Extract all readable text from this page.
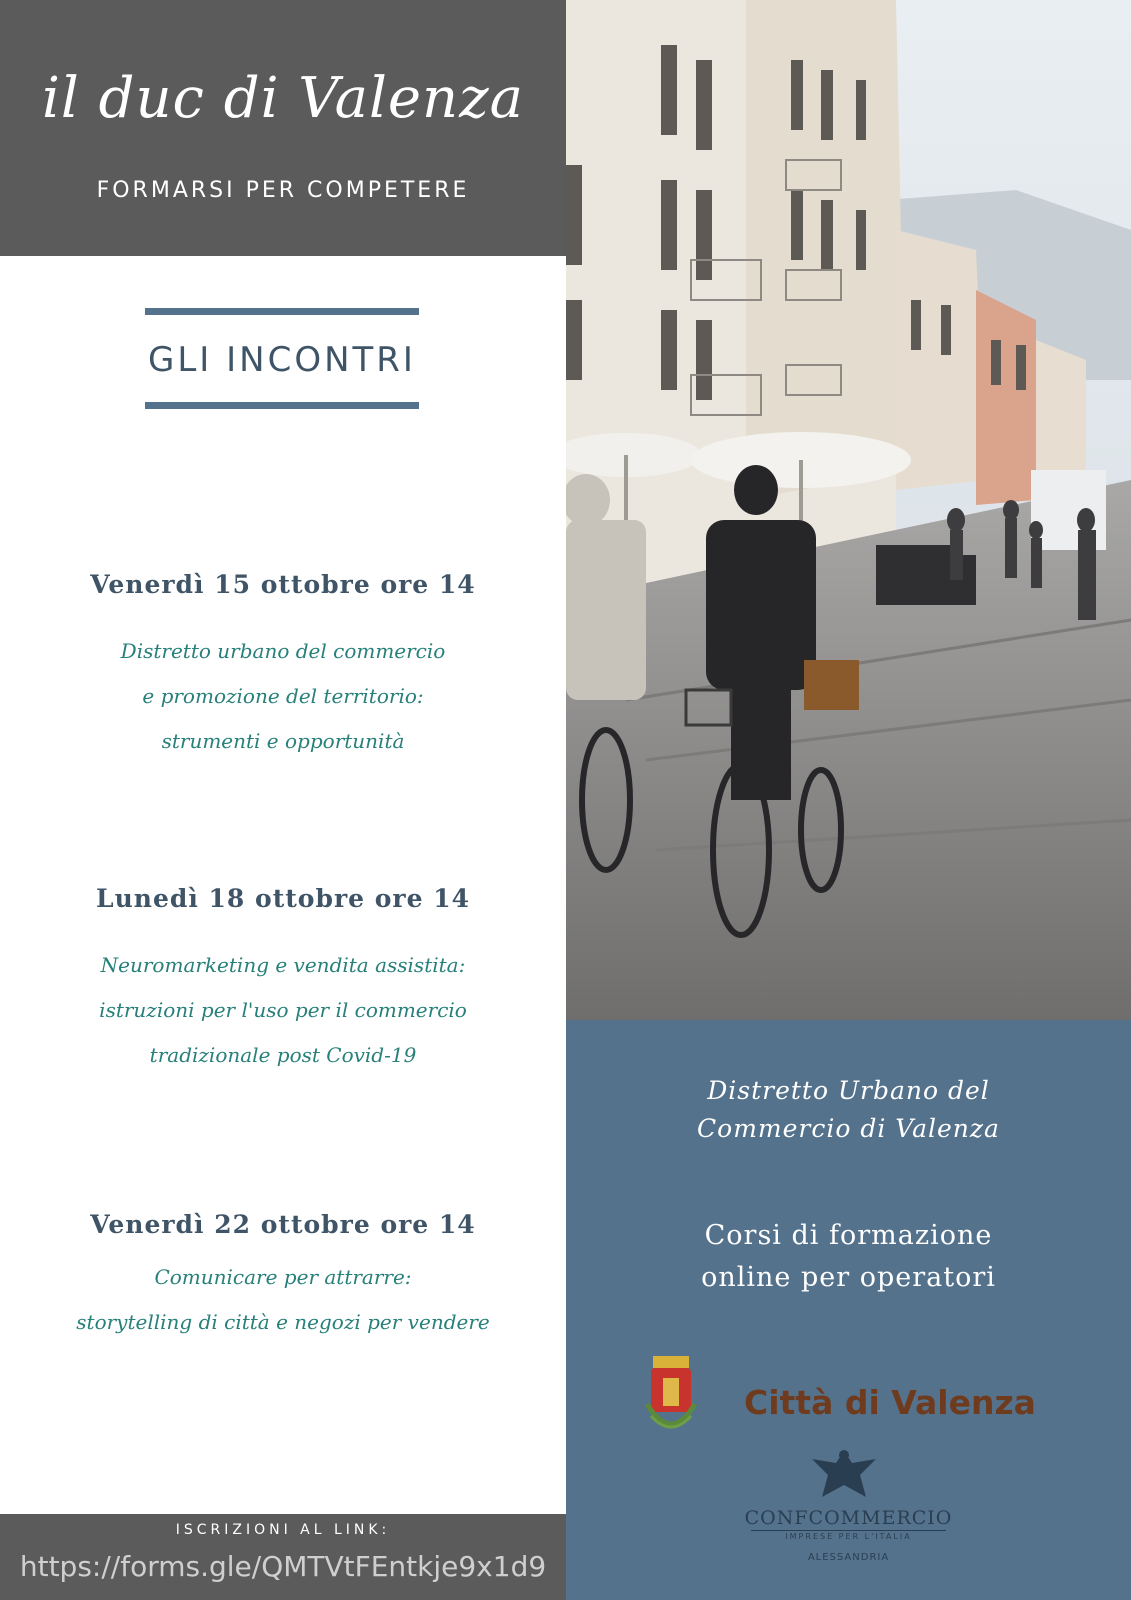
il duc di Valenza
FORMARSI PER COMPETERE
GLI INCONTRI
Venerdì 15 ottobre ore 14
Distretto urbano del commercio
e promozione del territorio:
strumenti e opportunità
Lunedì 18 ottobre ore 14
Neuromarketing e vendita assistita:
istruzioni per l'uso per il commercio
tradizionale post Covid-19
Venerdì 22 ottobre ore 14
Comunicare per attrarre:
storytelling di città e negozi per vendere
ISCRIZIONI AL LINK:
https://forms.gle/QMTVtFEntkje9x1d9
Distretto Urbano del
Commercio di Valenza
Corsi di formazione
online per operatori
Città di Valenza
CONFCOMMERCIO
IMPRESE PER L'ITALIA
ALESSANDRIA
